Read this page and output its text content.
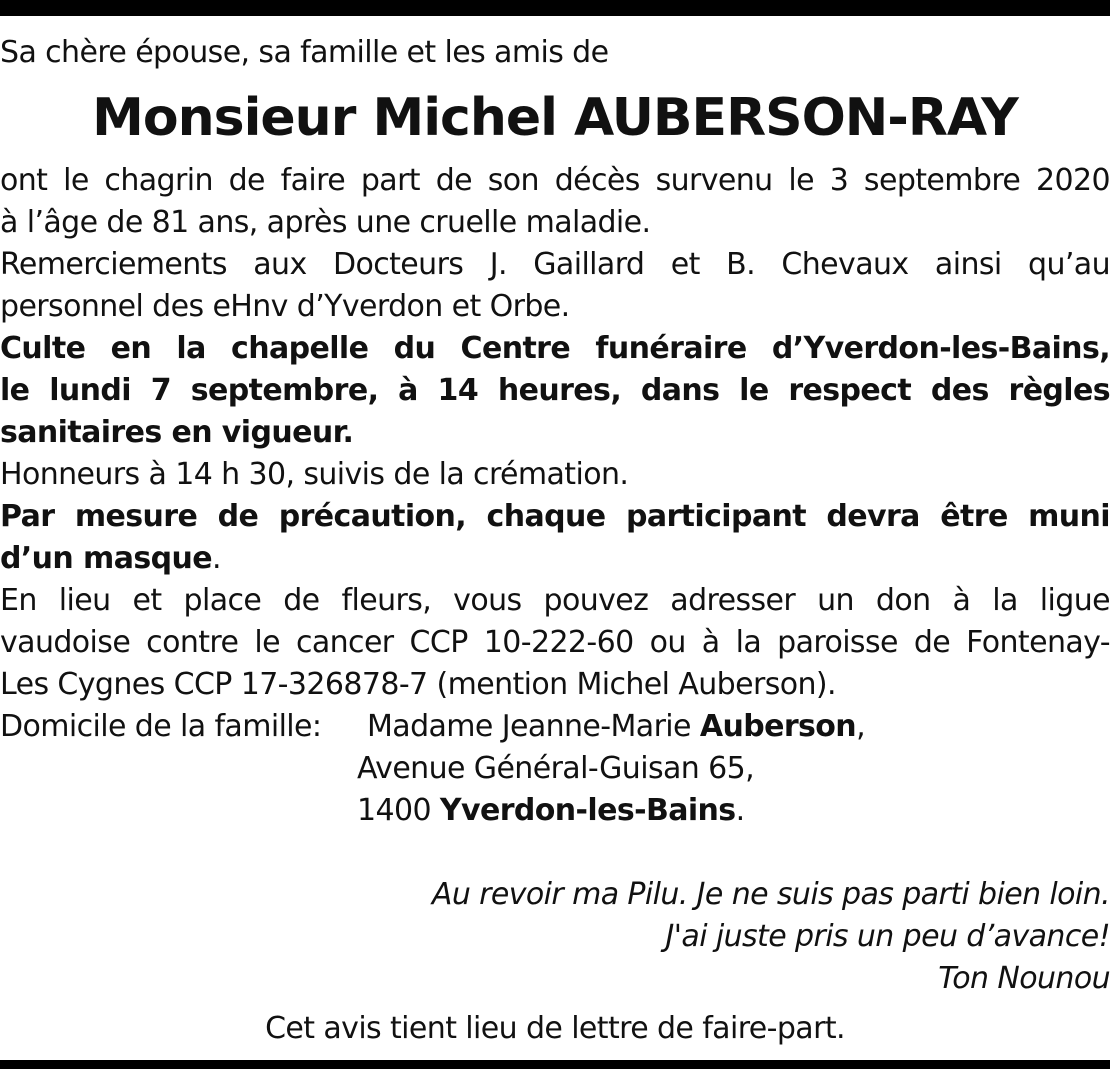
Sa chère épouse, sa famille et les amis de
Monsieur Michel AUBERSON-RAY
ont le chagrin de faire part de son décès survenu le 3 septembre 2020
à l’âge de 81 ans, après une cruelle maladie.
Remerciements aux Docteurs J. Gaillard et B. Chevaux ainsi qu’au
personnel des eHnv d’Yverdon et Orbe.
Culte en la chapelle du Centre funéraire d’Yverdon-les-Bains,
le lundi 7 septembre, à 14 heures, dans le respect des règles
sanitaires en vigueur.
Honneurs à 14 h 30, suivis de la crémation.
Par mesure de précaution, chaque participant devra être muni
d’un masque.
En lieu et place de fleurs, vous pouvez adresser un don à la ligue
vaudoise contre le cancer CCP 10-222-60 ou à la paroisse de Fontenay-
Les Cygnes CCP 17-326878-7 (mention Michel Auberson).
Domicile de la famille: Madame Jeanne-Marie Auberson,
Avenue Général-Guisan 65,
1400 Yverdon-les-Bains.
Au revoir ma Pilu. Je ne suis pas parti bien loin.
J'ai juste pris un peu d’avance!
Ton Nounou
Cet avis tient lieu de lettre de faire-part.
